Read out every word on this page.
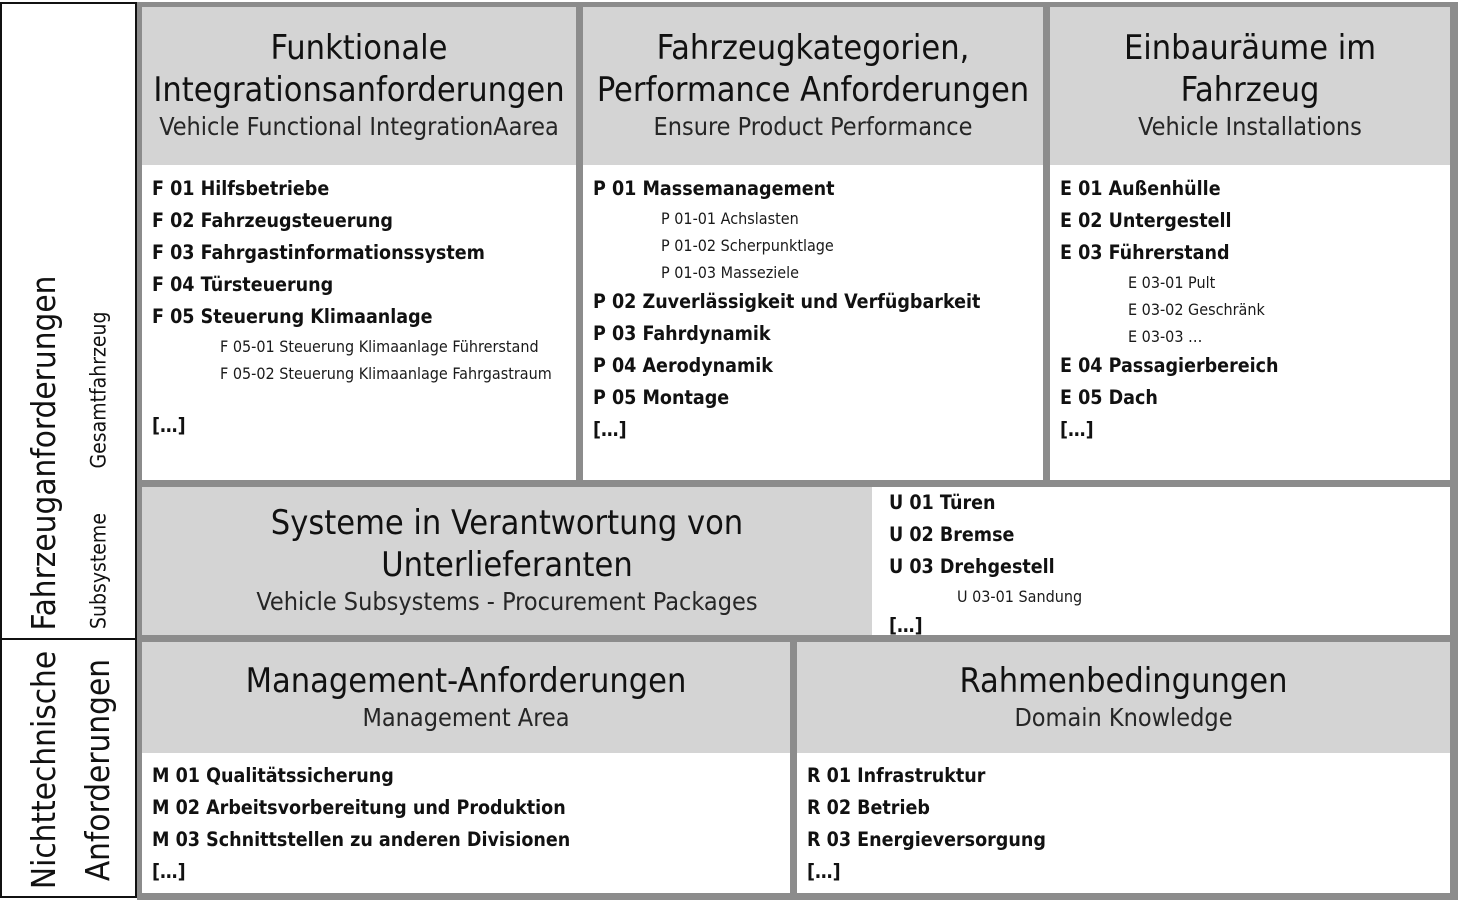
Fahrzeuganforderungen Gesamtfahrzeug
Subsysteme
Nichttechnische Anforderungen
Funktionale
Integrationsanforderungen
Vehicle Functional IntegrationAarea
F 01 Hilfsbetriebe
F 02 Fahrzeugsteuerung
F 03 Fahrgastinformationssystem
F 04 Türsteuerung
F 05 Steuerung Klimaanlage
F 05-01 Steuerung Klimaanlage Führerstand
F 05-02 Steuerung Klimaanlage Fahrgastraum
[…]
Fahrzeugkategorien,
Performance Anforderungen
Ensure Product Performance
P 01 Massemanagement
P 01-01 Achslasten
P 01-02 Scherpunktlage
P 01-03 Masseziele
P 02 Zuverlässigkeit und Verfügbarkeit
P 03 Fahrdynamik
P 04 Aerodynamik
P 05 Montage
[…]
Einbauräume im Fahrzeug
Vehicle Installations
E 01 Außenhülle
E 02 Untergestell
E 03 Führerstand
E 03-01 Pult
E 03-02 Geschränk
E 03-03 …
E 04 Passagierbereich
E 05 Dach
[…]
Systeme in Verantwortung von Unterlieferanten
Vehicle Subsystems - Procurement Packages
U 01 Türen
U 02 Bremse
U 03 Drehgestell
U 03-01 Sandung
[…]
Management-Anforderungen
Management Area
M 01 Qualitätssicherung
M 02 Arbeitsvorbereitung und Produktion
M 03 Schnittstellen zu anderen Divisionen
[…]
Rahmenbedingungen
Domain Knowledge
R 01 Infrastruktur
R 02 Betrieb
R 03 Energieversorgung
[…]
